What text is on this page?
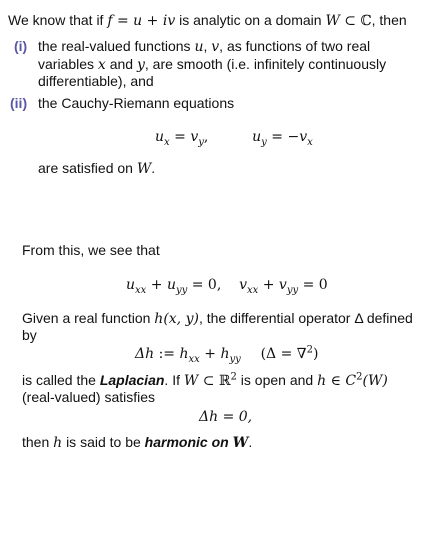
We know that if f = u + iv is analytic on a domain W ⊂ ℂ, then
(i) the real-valued functions u, v, as functions of two real
variables x and y, are smooth (i.e. infinitely continuously
differentiable), and
(ii) the Cauchy-Riemann equations
$u_x = v_y$,	$u_y = -v_x$
are satisfied on W.
From this, we see that
$u_{xx} + u_{yy} = 0$, $v_{xx} + v_{yy} = 0$
Given a real function h(x, y), the differential operator Δ defined
by
Δh := $h_{xx} + h_{yy}$ (Δ = ∇$^2$)
is called the Laplacian. If W ⊂ ℝ$^2$ is open and h ∈ $C^2(W)$
(real-valued) satisfies
Δh = 0,
then h is said to be harmonic on W.
